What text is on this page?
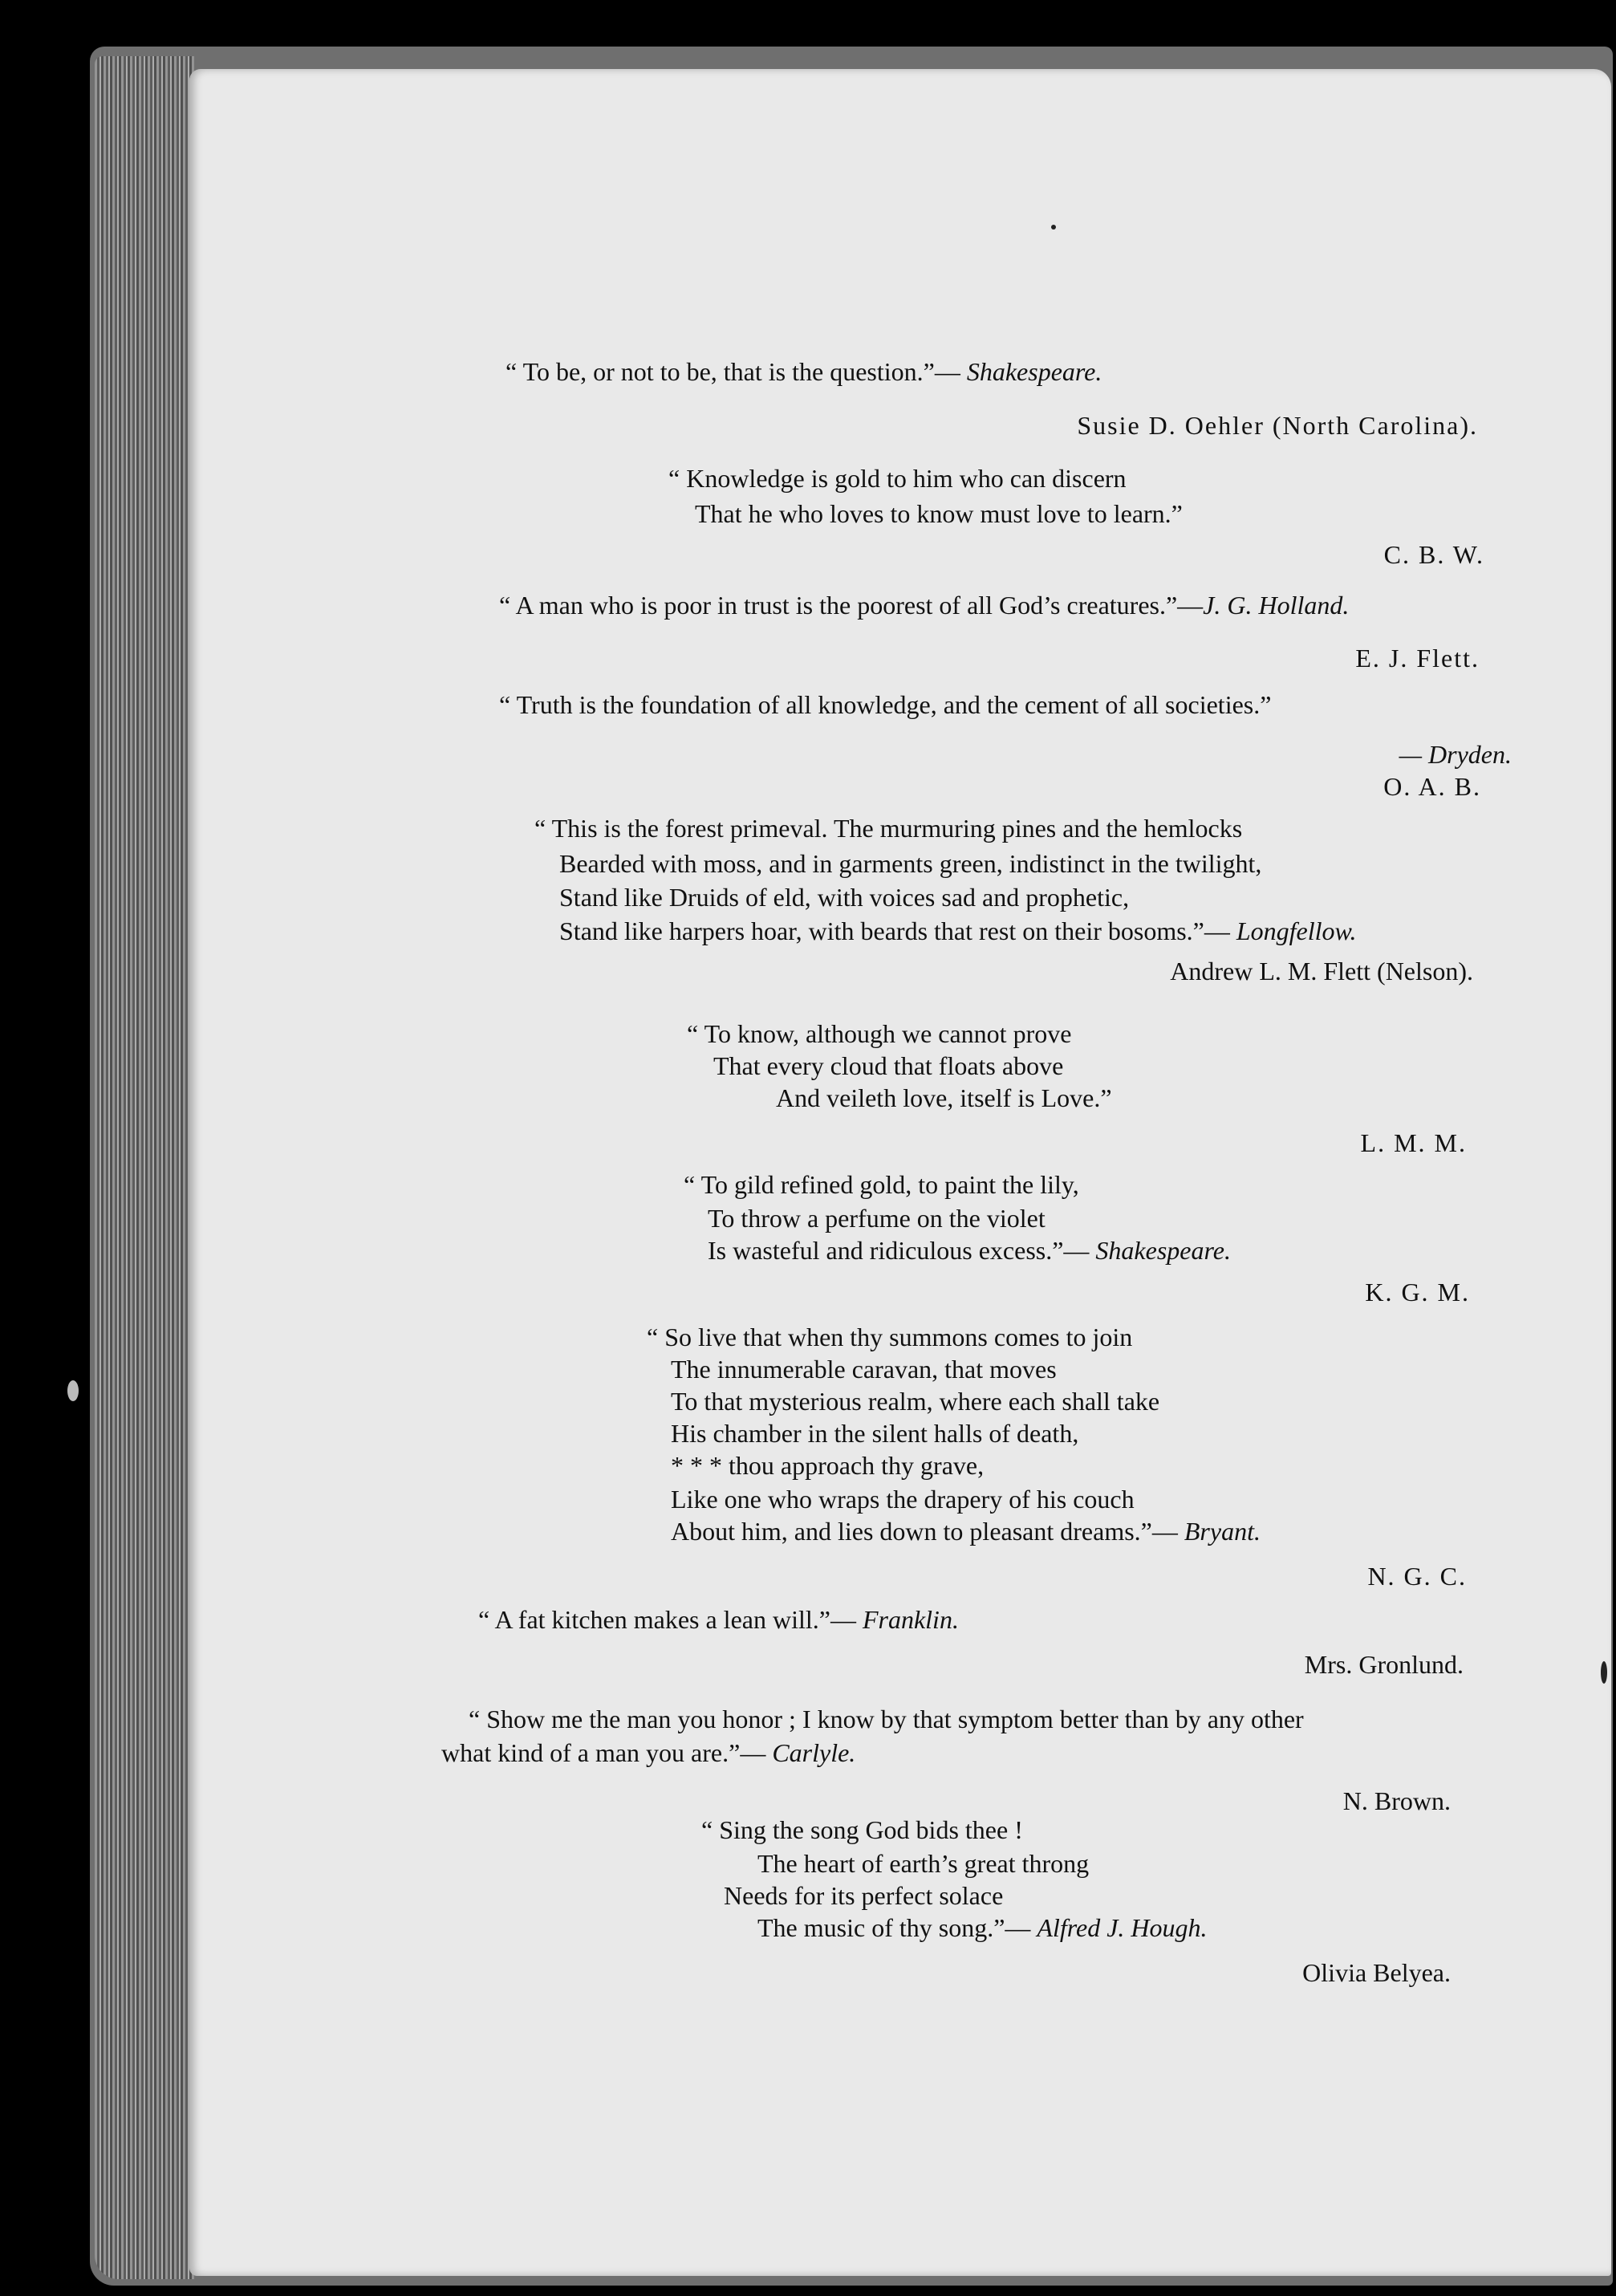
“ To be, or not to be, that is the question.”— Shakespeare.
Susie D. Oehler (North Carolina).
“ Knowledge is gold to him who can discern
That he who loves to know must love to learn.”
C. B. W.
“ A man who is poor in trust is the poorest of all God’s creatures.”—J. G. Holland.
E. J. Flett.
“ Truth is the foundation of all knowledge, and the cement of all societies.”
— Dryden.
O. A. B.
“ This is the forest primeval. The murmuring pines and the hemlocks
Bearded with moss, and in garments green, indistinct in the twilight,
Stand like Druids of eld, with voices sad and prophetic,
Stand like harpers hoar, with beards that rest on their bosoms.”— Longfellow.
Andrew L. M. Flett (Nelson).
“ To know, although we cannot prove
That every cloud that floats above
And veileth love, itself is Love.”
L. M. M.
“ To gild refined gold, to paint the lily,
To throw a perfume on the violet
Is wasteful and ridiculous excess.”— Shakespeare.
K. G. M.
“ So live that when thy summons comes to join
The innumerable caravan, that moves
To that mysterious realm, where each shall take
His chamber in the silent halls of death,
* * * thou approach thy grave,
Like one who wraps the drapery of his couch
About him, and lies down to pleasant dreams.”— Bryant.
N. G. C.
“ A fat kitchen makes a lean will.”— Franklin.
Mrs. Gronlund.
“ Show me the man you honor ; I know by that symptom better than by any other
what kind of a man you are.”— Carlyle.
N. Brown.
“ Sing the song God bids thee !
The heart of earth’s great throng
Needs for its perfect solace
The music of thy song.”— Alfred J. Hough.
Olivia Belyea.
